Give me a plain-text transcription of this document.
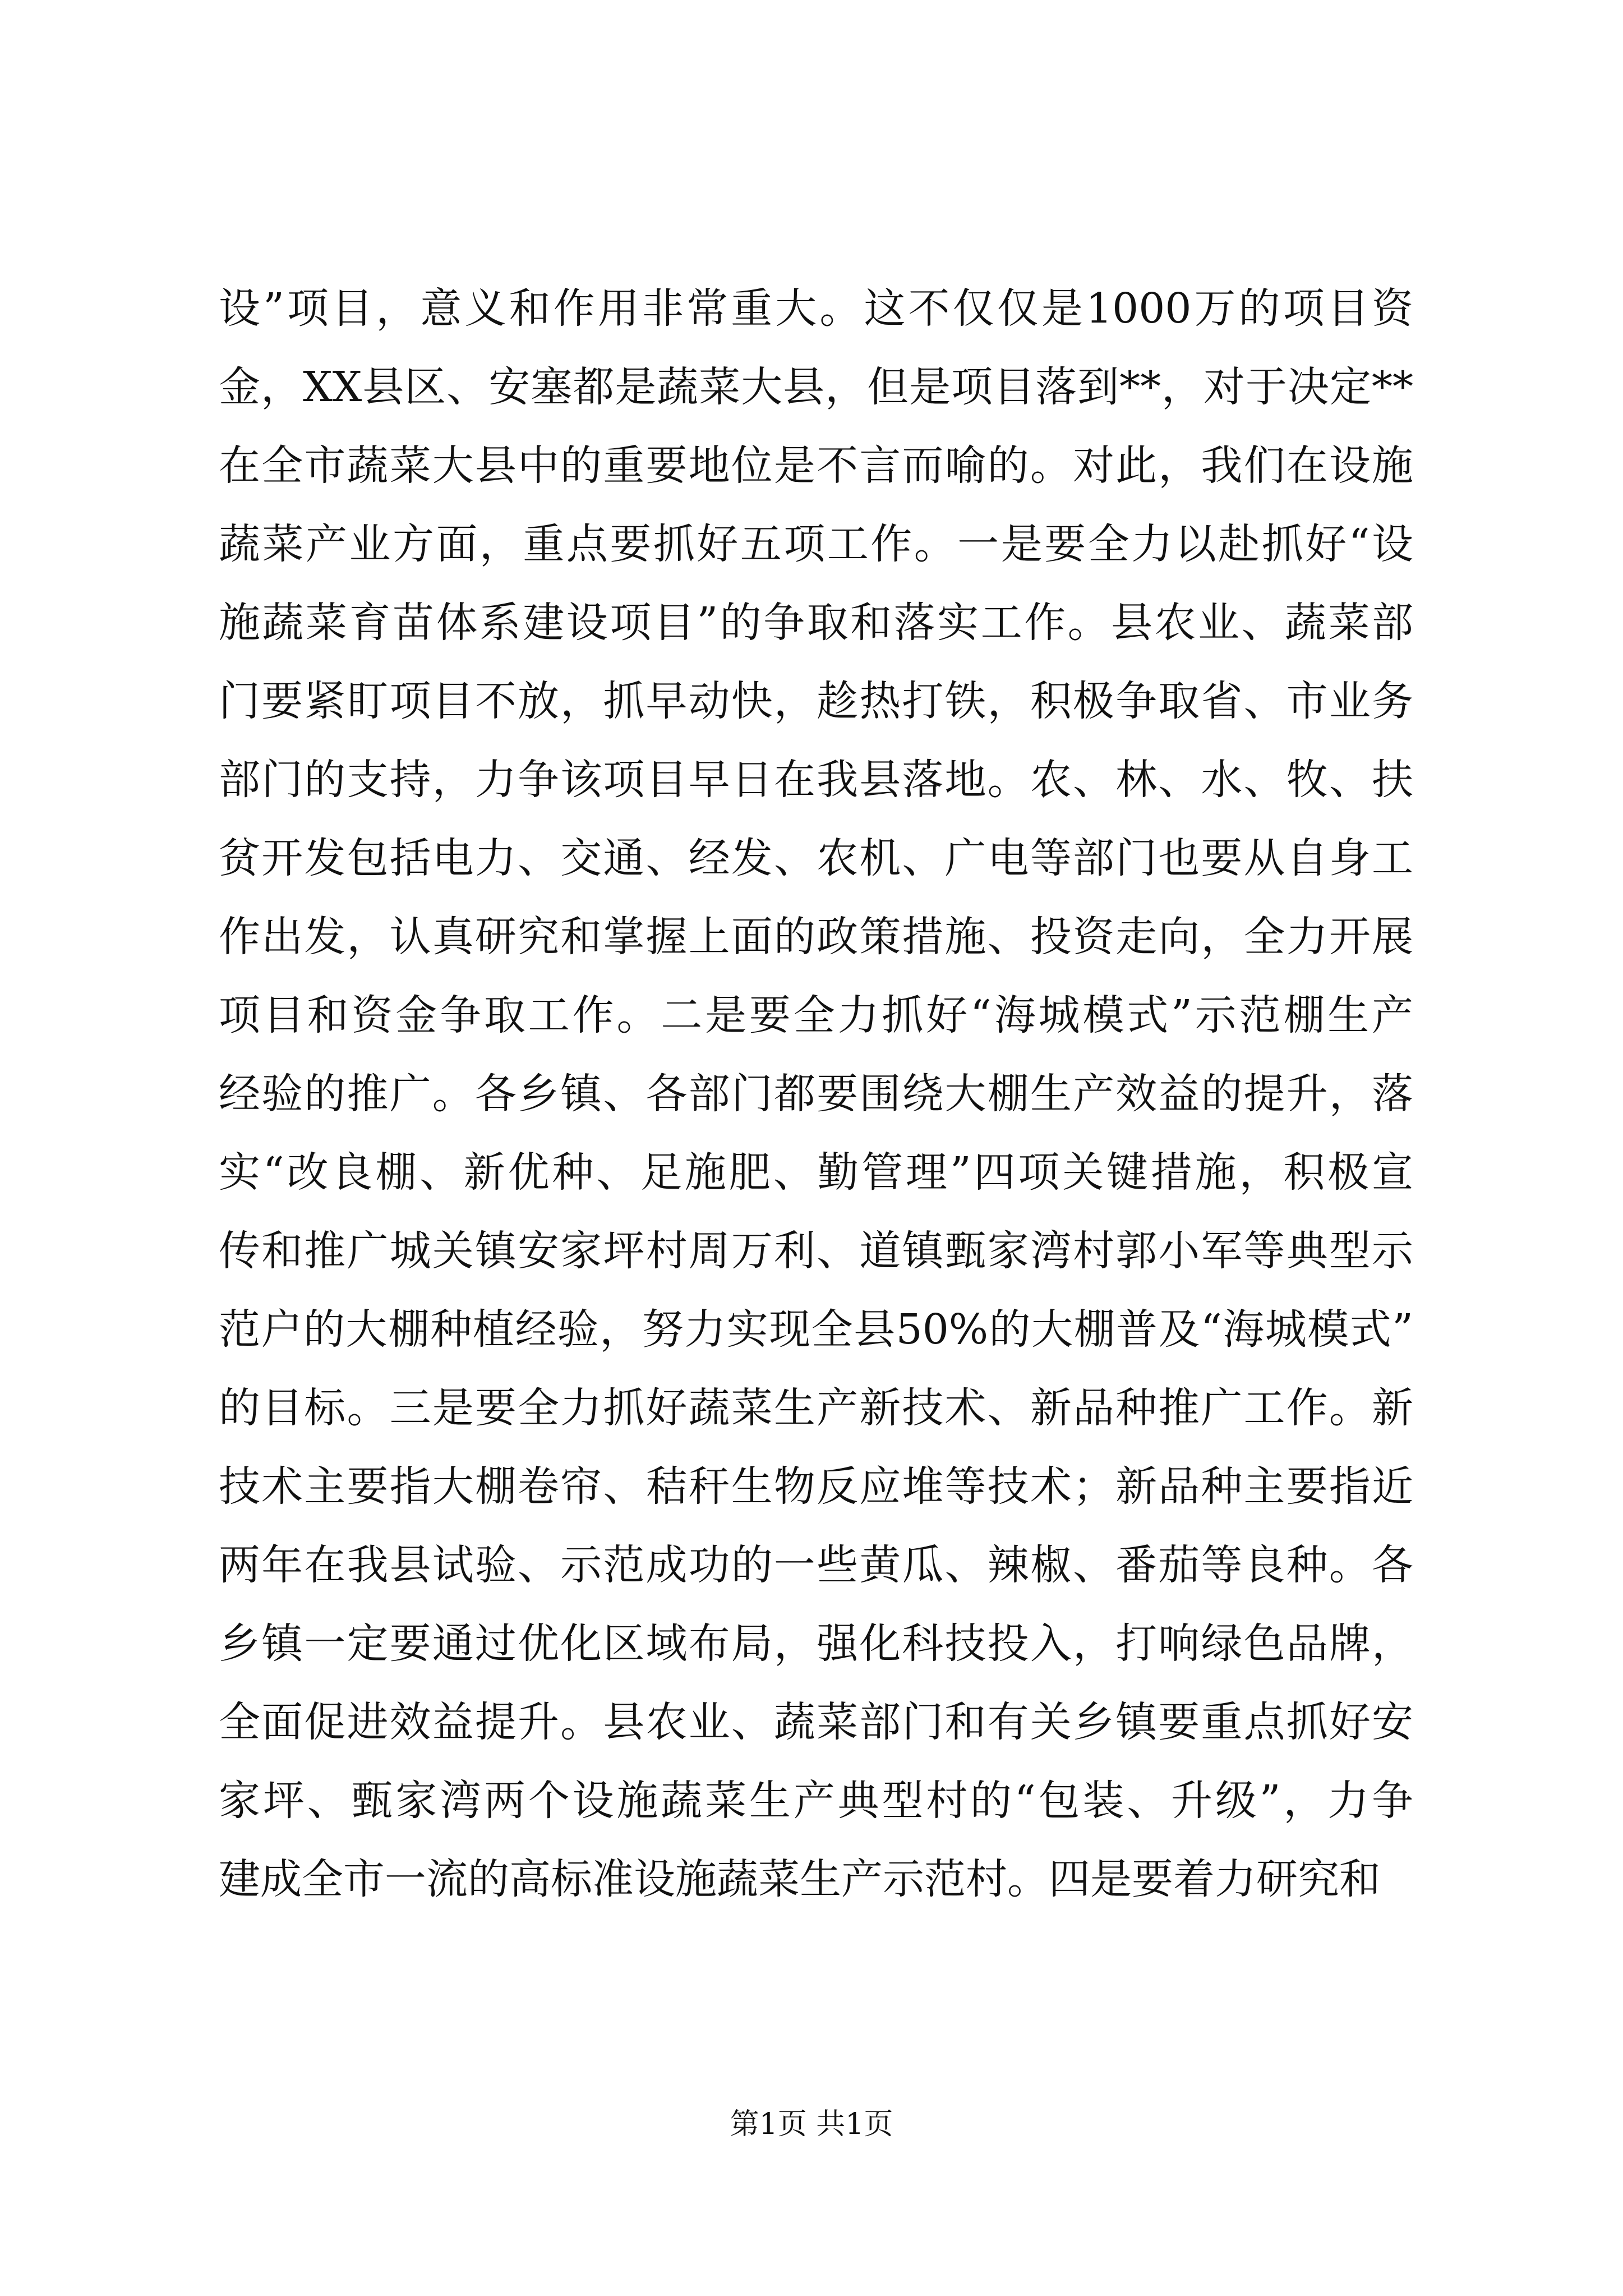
设”项目，意义和作用非常重大。这不仅仅是1000万的项目资
金，XX县区、安塞都是蔬菜大县，但是项目落到**，对于决定**
在全市蔬菜大县中的重要地位是不言而喻的。对此，我们在设施
蔬菜产业方面，重点要抓好五项工作。一是要全力以赴抓好“设
施蔬菜育苗体系建设项目”的争取和落实工作。县农业、蔬菜部
门要紧盯项目不放，抓早动快，趁热打铁，积极争取省、市业务
部门的支持，力争该项目早日在我县落地。农、林、水、牧、扶
贫开发包括电力、交通、经发、农机、广电等部门也要从自身工
作出发，认真研究和掌握上面的政策措施、投资走向，全力开展
项目和资金争取工作。二是要全力抓好“海城模式”示范棚生产
经验的推广。各乡镇、各部门都要围绕大棚生产效益的提升，落
实“改良棚、新优种、足施肥、勤管理”四项关键措施，积极宣
传和推广城关镇安家坪村周万利、道镇甄家湾村郭小军等典型示
范户的大棚种植经验，努力实现全县50%的大棚普及“海城模式”
的目标。三是要全力抓好蔬菜生产新技术、新品种推广工作。新
技术主要指大棚卷帘、秸秆生物反应堆等技术；新品种主要指近
两年在我县试验、示范成功的一些黄瓜、辣椒、番茄等良种。各
乡镇一定要通过优化区域布局，强化科技投入，打响绿色品牌，
全面促进效益提升。县农业、蔬菜部门和有关乡镇要重点抓好安
家坪、甄家湾两个设施蔬菜生产典型村的“包装、升级”，力争
建成全市一流的高标准设施蔬菜生产示范村。四是要着力研究和
第1页 共1页
